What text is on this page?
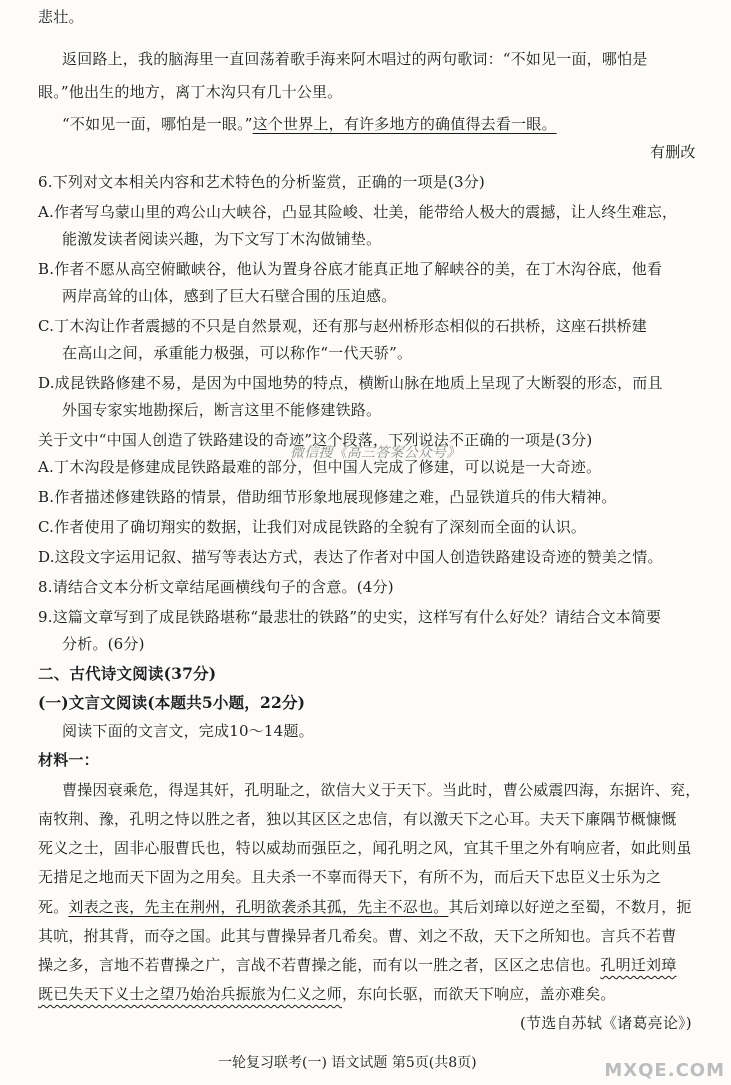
悲壮。
返回路上，我的脑海里一直回荡着歌手海来阿木唱过的两句歌词：“不如见一面，哪怕是
眼。”他出生的地方，离丁木沟只有几十公里。
“不如见一面，哪怕是一眼。”这个世界上，有许多地方的确值得去看一眼。
有删改
6.下列对文本相关内容和艺术特色的分析鉴赏，正确的一项是(3分)
A.作者写乌蒙山里的鸡公山大峡谷，凸显其险峻、壮美，能带给人极大的震撼，让人终生难忘，
能激发读者阅读兴趣，为下文写丁木沟做铺垫。
B.作者不愿从高空俯瞰峡谷，他认为置身谷底才能真正地了解峡谷的美，在丁木沟谷底，他看
两岸高耸的山体，感到了巨大石壁合围的压迫感。
C.丁木沟让作者震撼的不只是自然景观，还有那与赵州桥形态相似的石拱桥，这座石拱桥建
在高山之间，承重能力极强，可以称作“一代天骄”。
D.成昆铁路修建不易，是因为中国地势的特点，横断山脉在地质上呈现了大断裂的形态，而且
外国专家实地勘探后，断言这里不能修建铁路。
关于文中“中国人创造了铁路建设的奇迹”这个段落，下列说法不正确的一项是(3分)
A.丁木沟段是修建成昆铁路最难的部分，但中国人完成了修建，可以说是一大奇迹。
微信搜《高三答案公众号》
B.作者描述修建铁路的情景，借助细节形象地展现修建之难，凸显铁道兵的伟大精神。
C.作者使用了确切翔实的数据，让我们对成昆铁路的全貌有了深刻而全面的认识。
D.这段文字运用记叙、描写等表达方式，表达了作者对中国人创造铁路建设奇迹的赞美之情。
8.请结合文本分析文章结尾画横线句子的含意。(4分)
9.这篇文章写到了成昆铁路堪称“最悲壮的铁路”的史实，这样写有什么好处？请结合文本简要
分析。(6分)
二、古代诗文阅读(37分)
(一)文言文阅读(本题共5小题，22分)
阅读下面的文言文，完成10～14题。
材料一：
曹操因衰乘危，得逞其奸，孔明耻之，欲信大义于天下。当此时，曹公威震四海，东据许、兖，
南牧荆、豫，孔明之恃以胜之者，独以其区区之忠信，有以激天下之心耳。夫天下廉隅节概慷慨
死义之士，固非心服曹氏也，特以威劫而强臣之，闻孔明之风，宜其千里之外有响应者，如此则虽
无措足之地而天下固为之用矣。且夫杀一不辜而得天下，有所不为，而后天下忠臣义士乐为之
死。刘表之丧，先主在荆州，孔明欲袭杀其孤，先主不忍也。其后刘璋以好逆之至蜀，不数月，扼
其吭，拊其背，而夺之国。此其与曹操异者几希矣。曹、刘之不敌，天下之所知也。言兵不若曹
操之多，言地不若曹操之广，言战不若曹操之能，而有以一胜之者，区区之忠信也。孔明迁刘璋
既已失天下义士之望乃始治兵振旅为仁义之师，东向长驱，而欲天下响应，盖亦难矣。
(节选自苏轼《诸葛亮论》)
一轮复习联考(一) 语文试题 第5页(共8页)	MXQE.COM
